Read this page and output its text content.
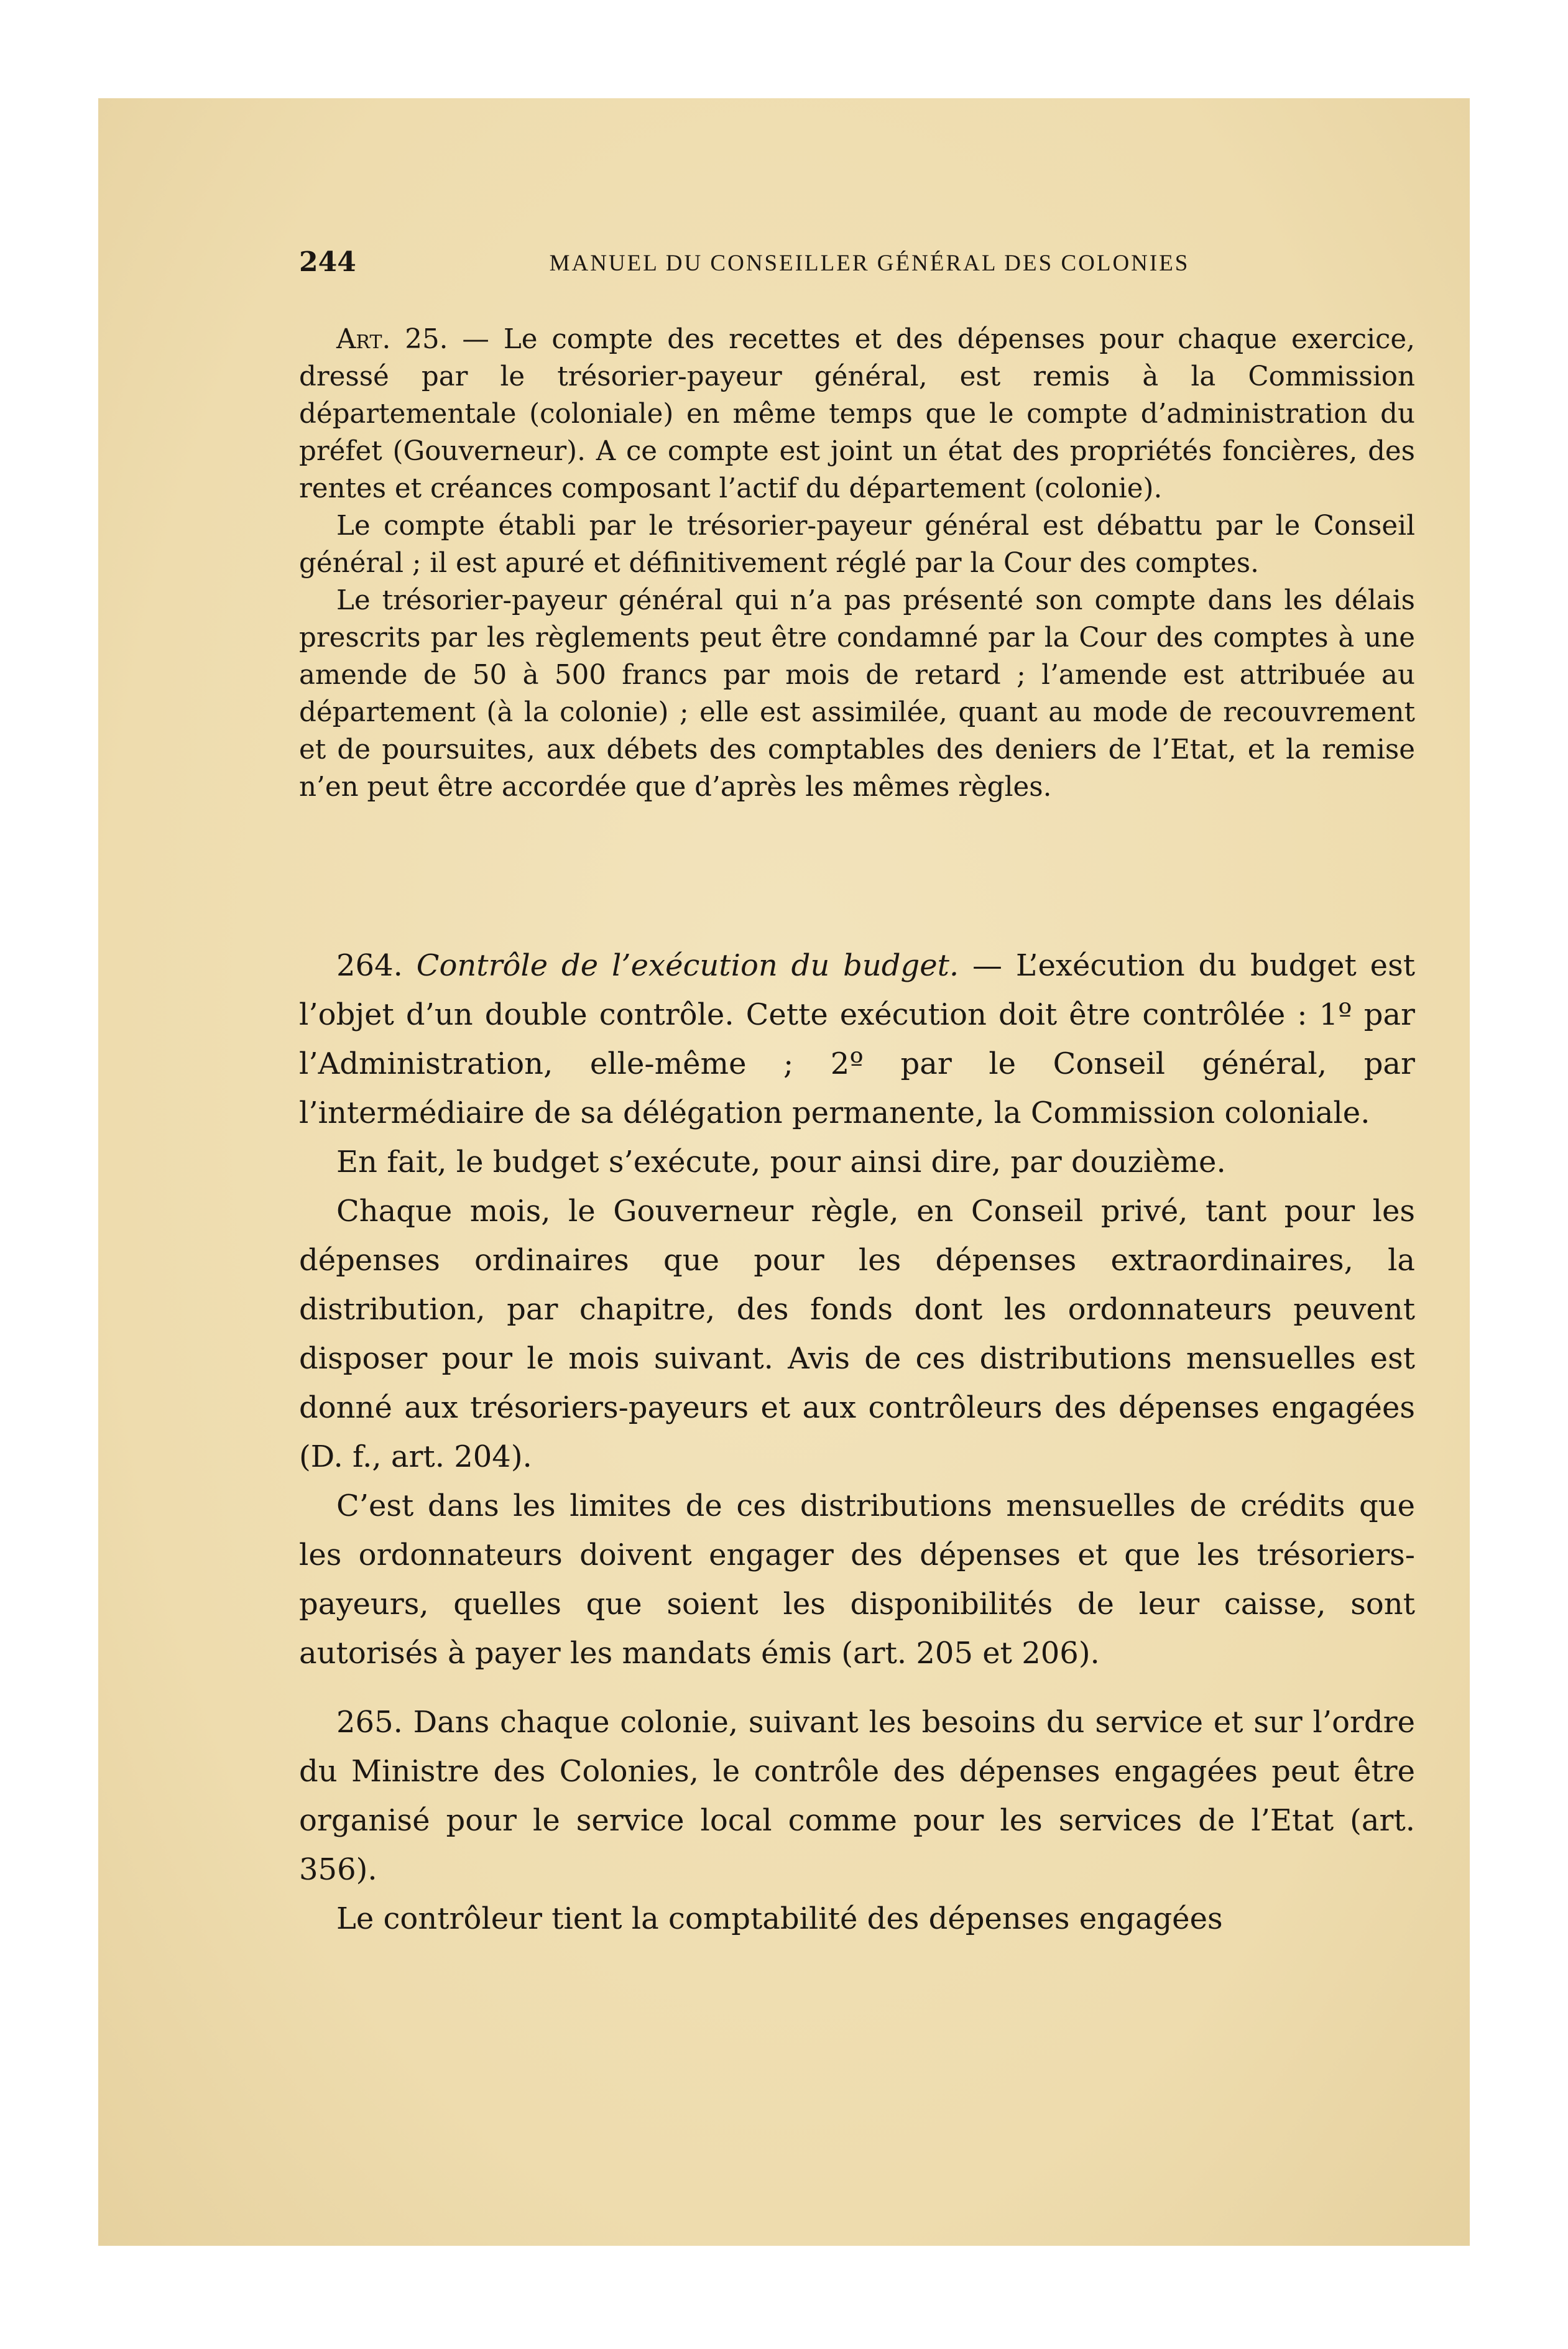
244	MANUEL DU CONSEILLER GÉNÉRAL DES COLONIES

Art. 25. — Le compte des recettes et des dépenses pour chaque exercice, dressé par le trésorier-payeur général, est remis à la Commission départementale (coloniale) en même temps que le compte d’administration du préfet (Gouverneur). A ce compte est joint un état des propriétés foncières, des rentes et créances composant l’actif du département (colonie).

Le compte établi par le trésorier-payeur général est débattu par le Conseil général ; il est apuré et définitivement réglé par la Cour des comptes.

Le trésorier-payeur général qui n’a pas présenté son compte dans les délais prescrits par les règlements peut être condamné par la Cour des comptes à une amende de 50 à 500 francs par mois de retard ; l’amende est attribuée au département (à la colonie) ; elle est assimilée, quant au mode de recouvrement et de poursuites, aux débets des comptables des deniers de l’Etat, et la remise n’en peut être accordée que d’après les mêmes règles.

264. Contrôle de l’exécution du budget. — L’exécution du budget est l’objet d’un double contrôle. Cette exécution doit être contrôlée : 1º par l’Administration, elle-même ; 2º par le Conseil général, par l’intermédiaire de sa délégation permanente, la Commission coloniale.

En fait, le budget s’exécute, pour ainsi dire, par douzième.

Chaque mois, le Gouverneur règle, en Conseil privé, tant pour les dépenses ordinaires que pour les dépenses extraordinaires, la distribution, par chapitre, des fonds dont les ordonnateurs peuvent disposer pour le mois suivant. Avis de ces distributions mensuelles est donné aux trésoriers-payeurs et aux contrôleurs des dépenses engagées (D. f., art. 204).

C’est dans les limites de ces distributions mensuelles de crédits que les ordonnateurs doivent engager des dépenses et que les trésoriers-payeurs, quelles que soient les disponibilités de leur caisse, sont autorisés à payer les mandats émis (art. 205 et 206).

265. Dans chaque colonie, suivant les besoins du service et sur l’ordre du Ministre des Colonies, le contrôle des dépenses engagées peut être organisé pour le service local comme pour les services de l’Etat (art. 356).

Le contrôleur tient la comptabilité des dépenses engagées
